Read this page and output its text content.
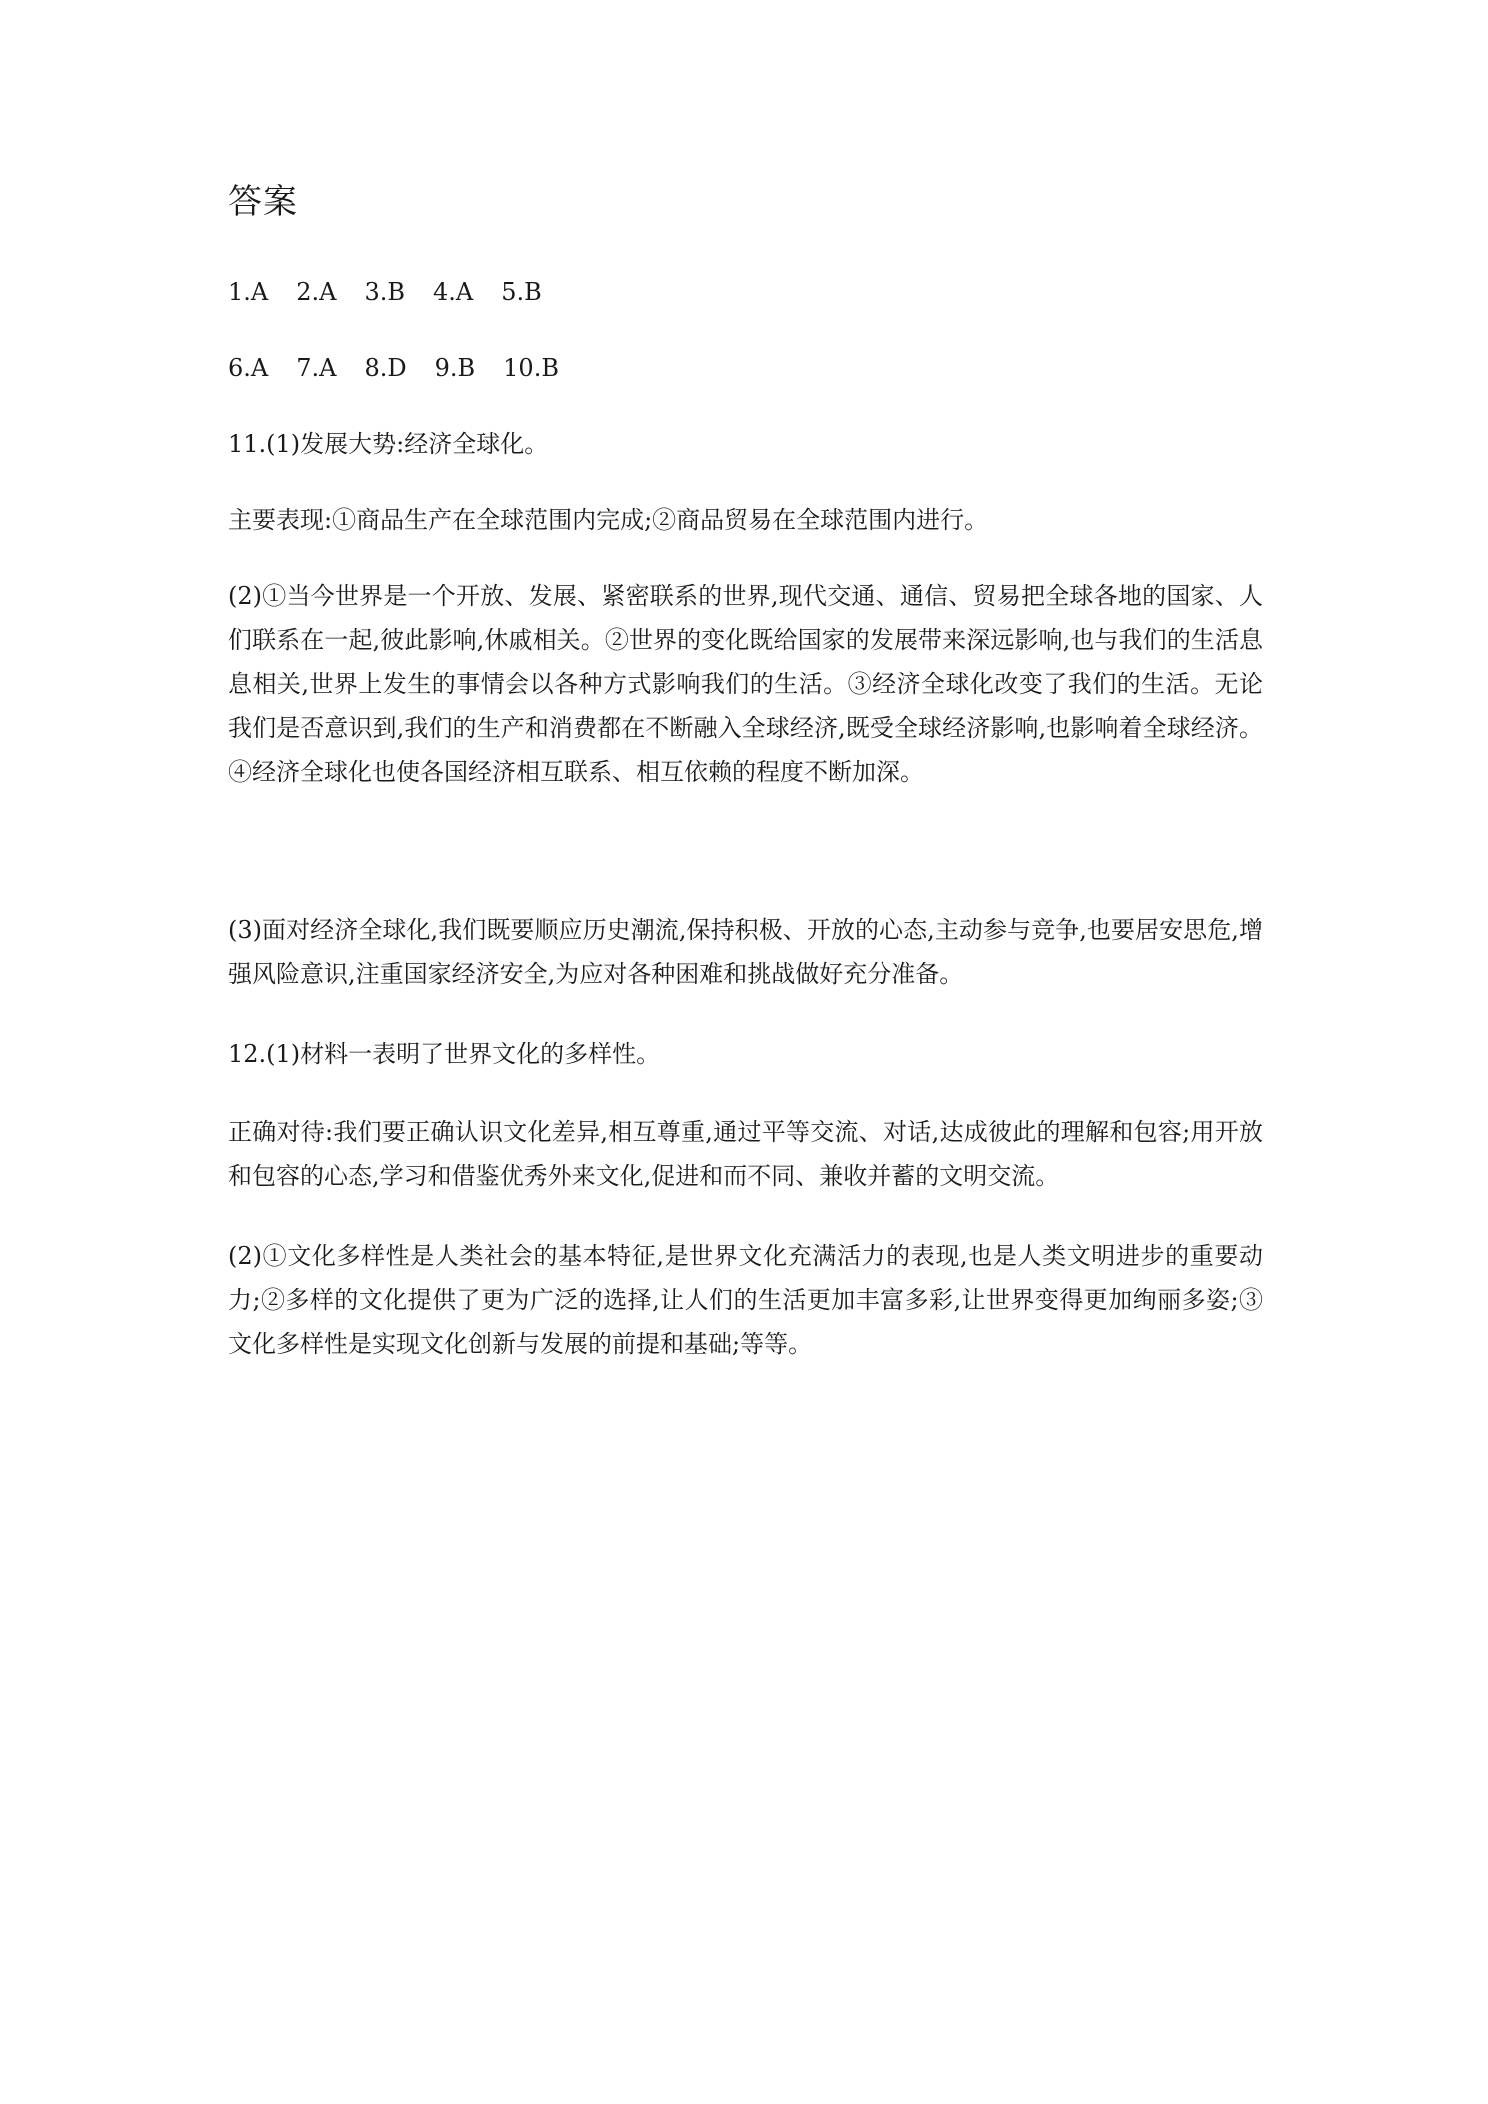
答案

1.A 2.A 3.B 4.A 5.B

6.A 7.A 8.D 9.B 10.B

11.(1)发展大势:经济全球化。

主要表现:①商品生产在全球范围内完成;②商品贸易在全球范围内进行。

(2)①当今世界是一个开放、发展、紧密联系的世界,现代交通、通信、贸易把全球各地的国家、人们联系在一起,彼此影响,休戚相关。②世界的变化既给国家的发展带来深远影响,也与我们的生活息息相关,世界上发生的事情会以各种方式影响我们的生活。③经济全球化改变了我们的生活。无论我们是否意识到,我们的生产和消费都在不断融入全球经济,既受全球经济影响,也影响着全球经济。④经济全球化也使各国经济相互联系、相互依赖的程度不断加深。

(3)面对经济全球化,我们既要顺应历史潮流,保持积极、开放的心态,主动参与竞争,也要居安思危,增强风险意识,注重国家经济安全,为应对各种困难和挑战做好充分准备。

12.(1)材料一表明了世界文化的多样性。

正确对待:我们要正确认识文化差异,相互尊重,通过平等交流、对话,达成彼此的理解和包容;用开放和包容的心态,学习和借鉴优秀外来文化,促进和而不同、兼收并蓄的文明交流。

(2)①文化多样性是人类社会的基本特征,是世界文化充满活力的表现,也是人类文明进步的重要动力;②多样的文化提供了更为广泛的选择,让人们的生活更加丰富多彩,让世界变得更加绚丽多姿;③文化多样性是实现文化创新与发展的前提和基础;等等。
